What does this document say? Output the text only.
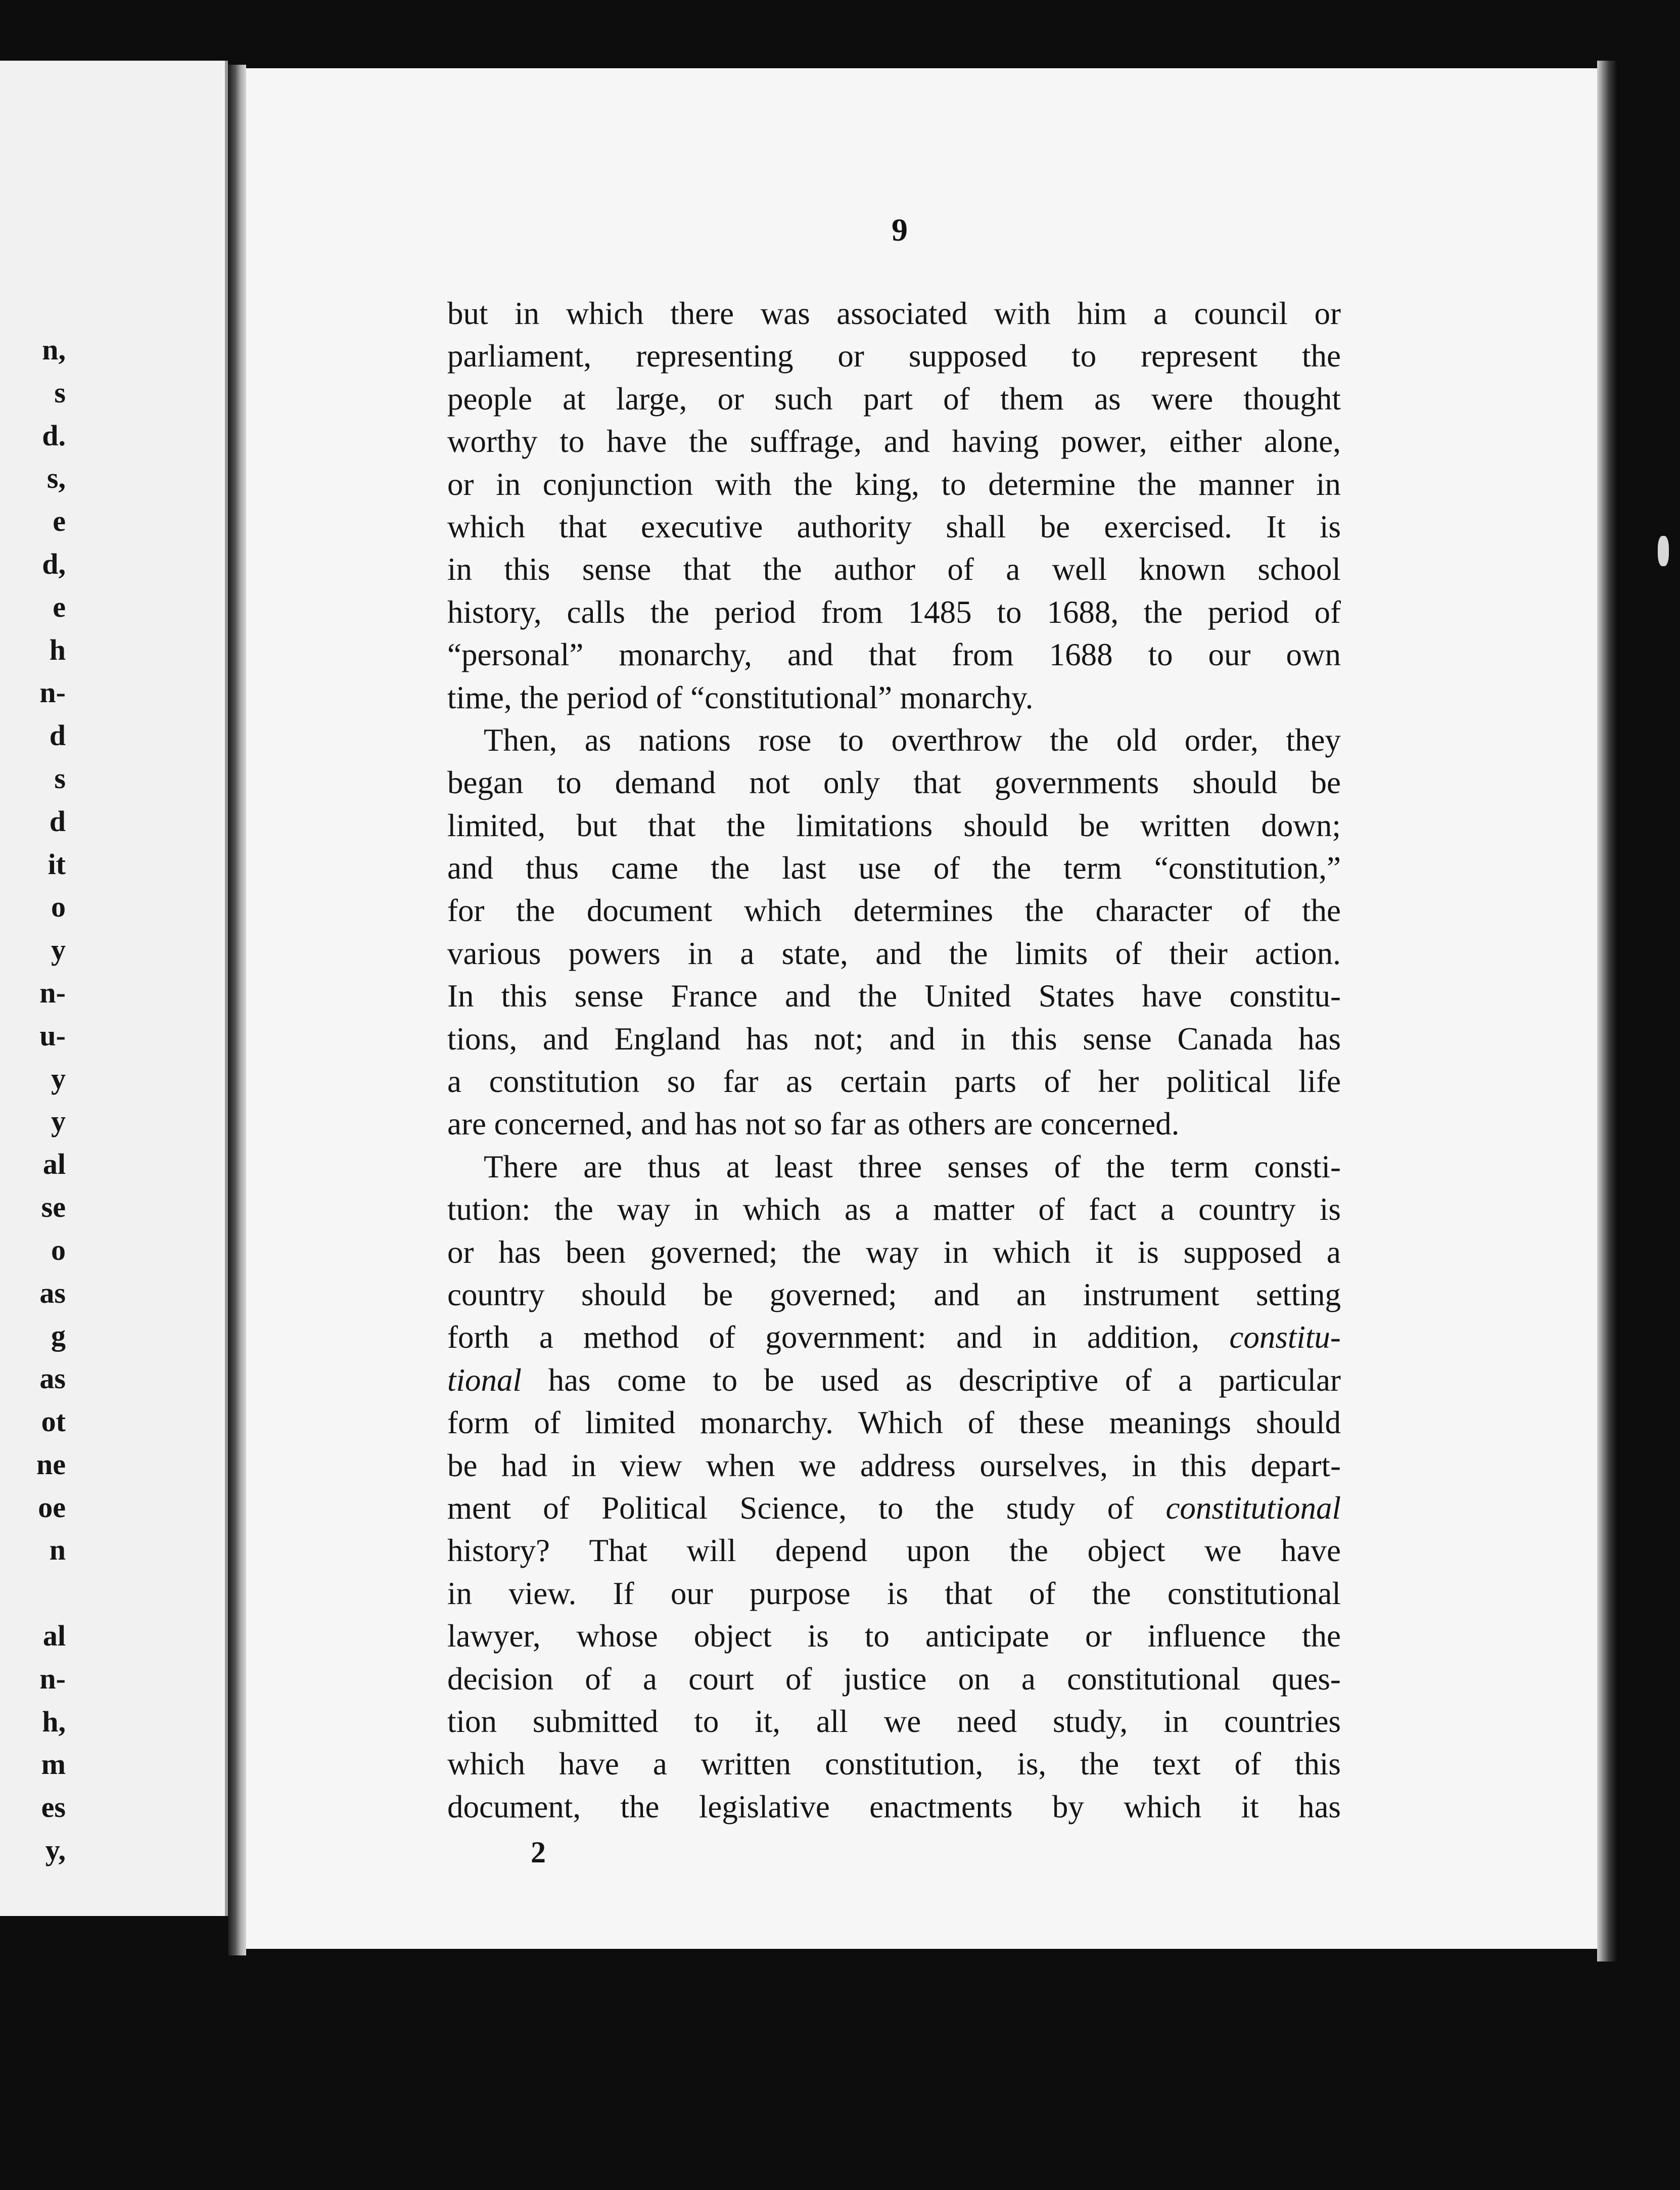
n,
s
d.
s,
e
d,
e
h
n-
d
s
d
it
o
y
n-
u-
y
y
al
se
o
as
g
as
ot
ne
oe
n
al
n-
h,
m
es
y,
9
but in which there was associated with him a council or
parliament, representing or supposed to represent the
people at large, or such part of them as were thought
worthy to have the suffrage, and having power, either alone,
or in conjunction with the king, to determine the manner in
which that executive authority shall be exercised. It is
in this sense that the author of a well known school
history, calls the period from 1485 to 1688, the period of
“personal” monarchy, and that from 1688 to our own
time,
the
period
of
“constitutional”
monarchy.
Then, as nations rose to overthrow the old order, they
began to demand not only that governments should be
limited, but that the limitations should be written down;
and thus came the last use of the term “constitution,”
for the document which determines the character of the
various powers in a state, and the limits of their action.
In this sense France and the United States have constitu-
tions, and England has not; and in this sense Canada has
a constitution so far as certain parts of her political life
are
concerned,
and
has
not
so
far
as
others
are
concerned.
There are thus at least three senses of the term consti-
tution: the way in which as a matter of fact a country is
or has been governed; the way in which it is supposed a
country should be governed; and an instrument setting
forth a method of government: and in addition, constitu-
tional has come to be used as descriptive of a particular
form of limited monarchy. Which of these meanings should
be had in view when we address ourselves, in this depart-
ment of Political Science, to the study of constitutional
history? That will depend upon the object we have
in view. If our purpose is that of the constitutional
lawyer, whose object is to anticipate or influence the
decision of a court of justice on a constitutional ques-
tion submitted to it, all we need study, in countries
which have a written constitution, is, the text of this
document, the legislative enactments by which it has
2
